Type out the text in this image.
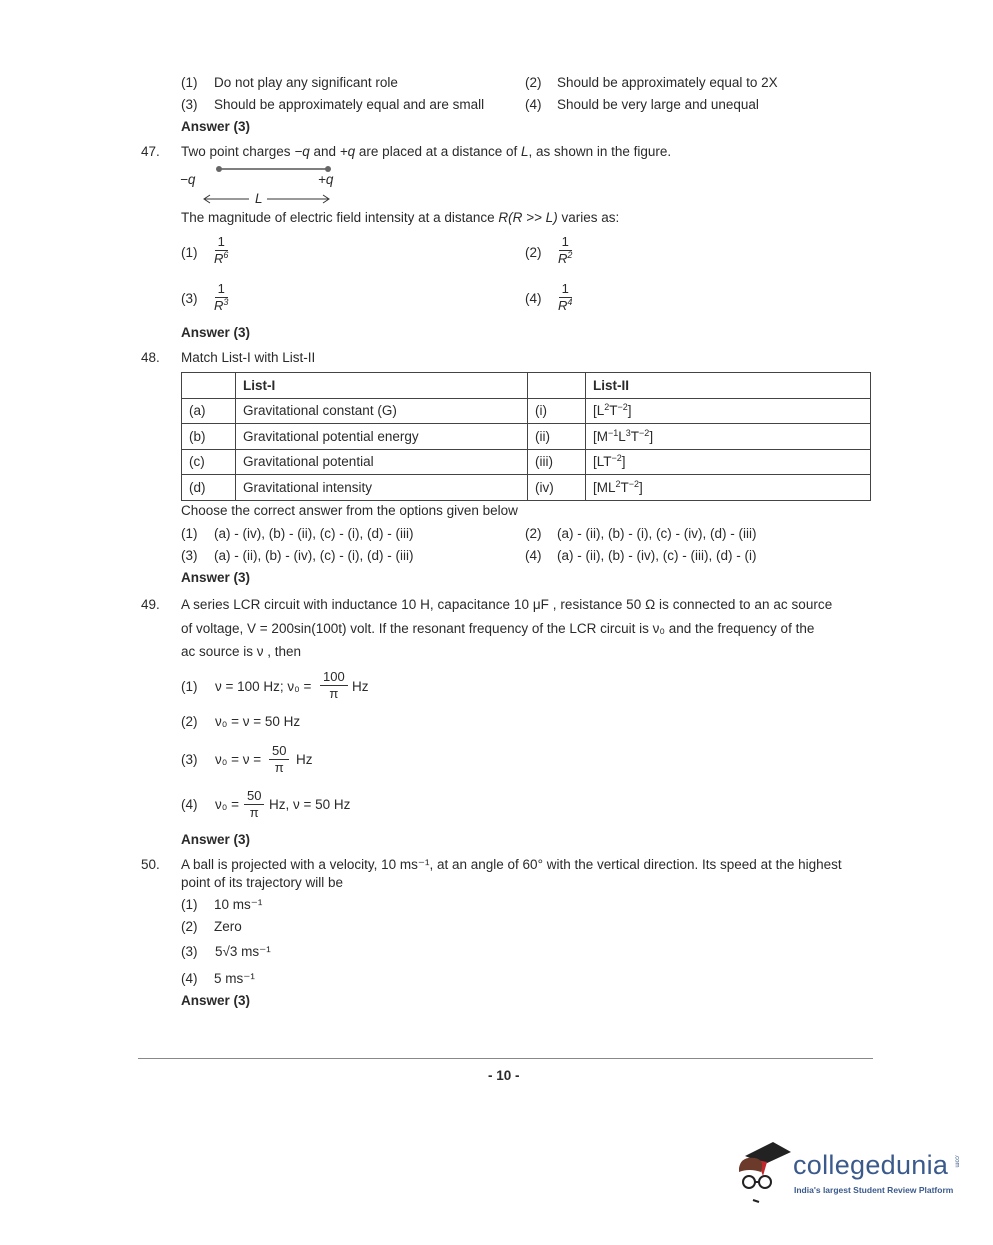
(1) Do not play any significant role	(2) Should be approximately equal to 2X
(3) Should be approximately equal and are small	(4) Should be very large and unequal
Answer (3)
47. Two point charges −q and +q are placed at a distance of L, as shown in the figure.
−q	+q
L
The magnitude of electric field intensity at a distance R(R >> L) varies as:
$(1) \frac{1}{R^6}$	$(2) \frac{1}{R^2}$
$(3) \frac{1}{R^3}$	$(4) \frac{1}{R^4}$
Answer (3)
48. Match List-I with List-II
	List-I		List-II
(a)	Gravitational constant (G)	(i)	$[L^2T^{-2}]$
(b)	Gravitational potential energy	(ii)	$[M^{-1}L^3T^{-2}]$
(c)	Gravitational potential	(iii)	$[LT^{-2}]$
(d)	Gravitational intensity	(iv)	$[ML^2T^{-2}]$
Choose the correct answer from the options given below
(1) (a) - (iv), (b) - (ii), (c) - (i), (d) - (iii)	(2) (a) - (ii), (b) - (i), (c) - (iv), (d) - (iii)
(3) (a) - (ii), (b) - (iv), (c) - (i), (d) - (iii)	(4) (a) - (ii), (b) - (iv), (c) - (iii), (d) - (i)
Answer (3)
49. A series LCR circuit with inductance 10 H, capacitance 10 μF , resistance 50 Ω is connected to an ac source
of voltage, V = 200sin(100t) volt. If the resonant frequency of the LCR circuit is ν₀ and the frequency of the
ac source is ν , then
(1) ν = 100 Hz; $\nu_0 = \frac{100}{\pi}$ Hz
(2) ν₀ = ν = 50 Hz
(3) $\nu_0 = \nu = \frac{50}{\pi}$ Hz
(4) $\nu_0 = \frac{50}{\pi} Hz$, ν = 50 Hz
Answer (3)
50. A ball is projected with a velocity, 10 ms⁻¹, at an angle of 60° with the vertical direction. Its speed at the highest
point of its trajectory will be
(1) 10 ms⁻¹
(2) Zero
(3) 5√3 ms⁻¹
(4) 5 ms⁻¹
Answer (3)
- 10 -
collegedunia .com
India's largest Student Review Platform
